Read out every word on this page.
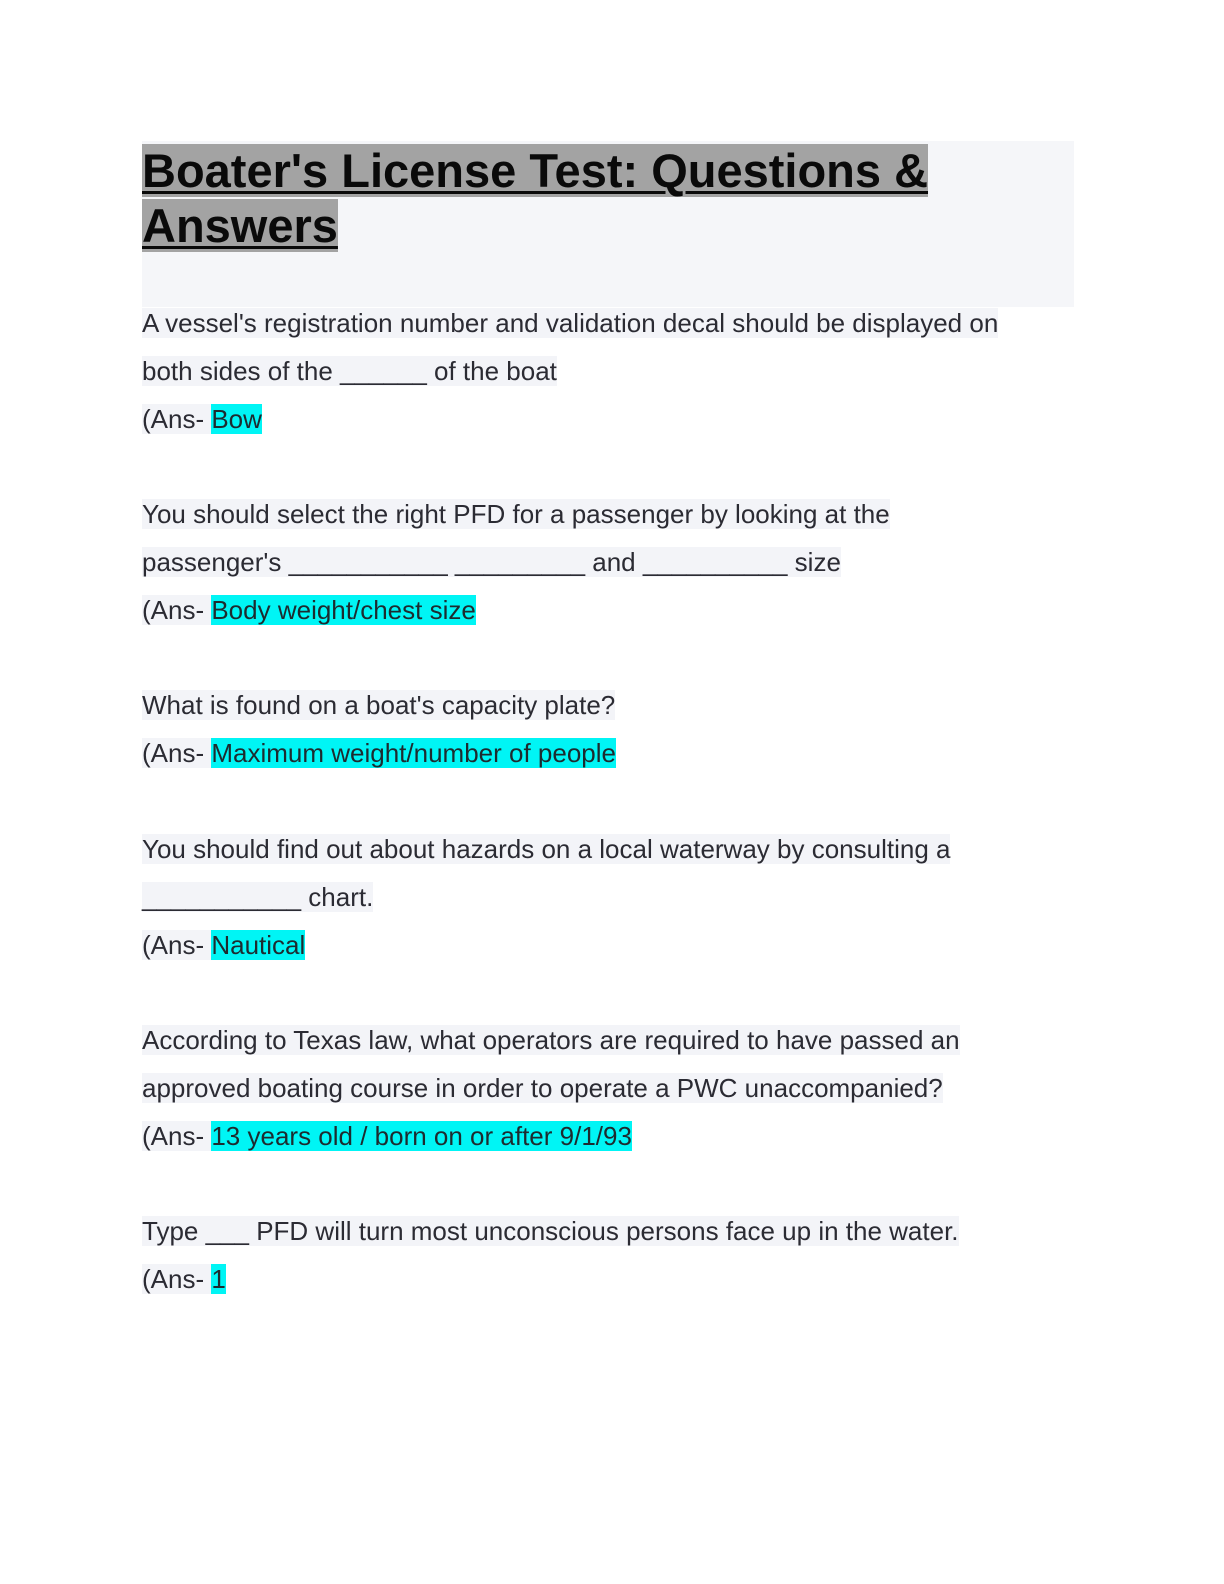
Boater's License Test: Questions &
Answers
A vessel's registration number and validation decal should be displayed on
both sides of the ______ of the boat
(Ans- Bow
You should select the right PFD for a passenger by looking at the
passenger's ___________ _________ and __________ size
(Ans- Body weight/chest size
What is found on a boat's capacity plate?
(Ans- Maximum weight/number of people
You should find out about hazards on a local waterway by consulting a
___________ chart.
(Ans- Nautical
According to Texas law, what operators are required to have passed an
approved boating course in order to operate a PWC unaccompanied?
(Ans- 13 years old / born on or after 9/1/93
Type ___ PFD will turn most unconscious persons face up in the water.
(Ans- 1
